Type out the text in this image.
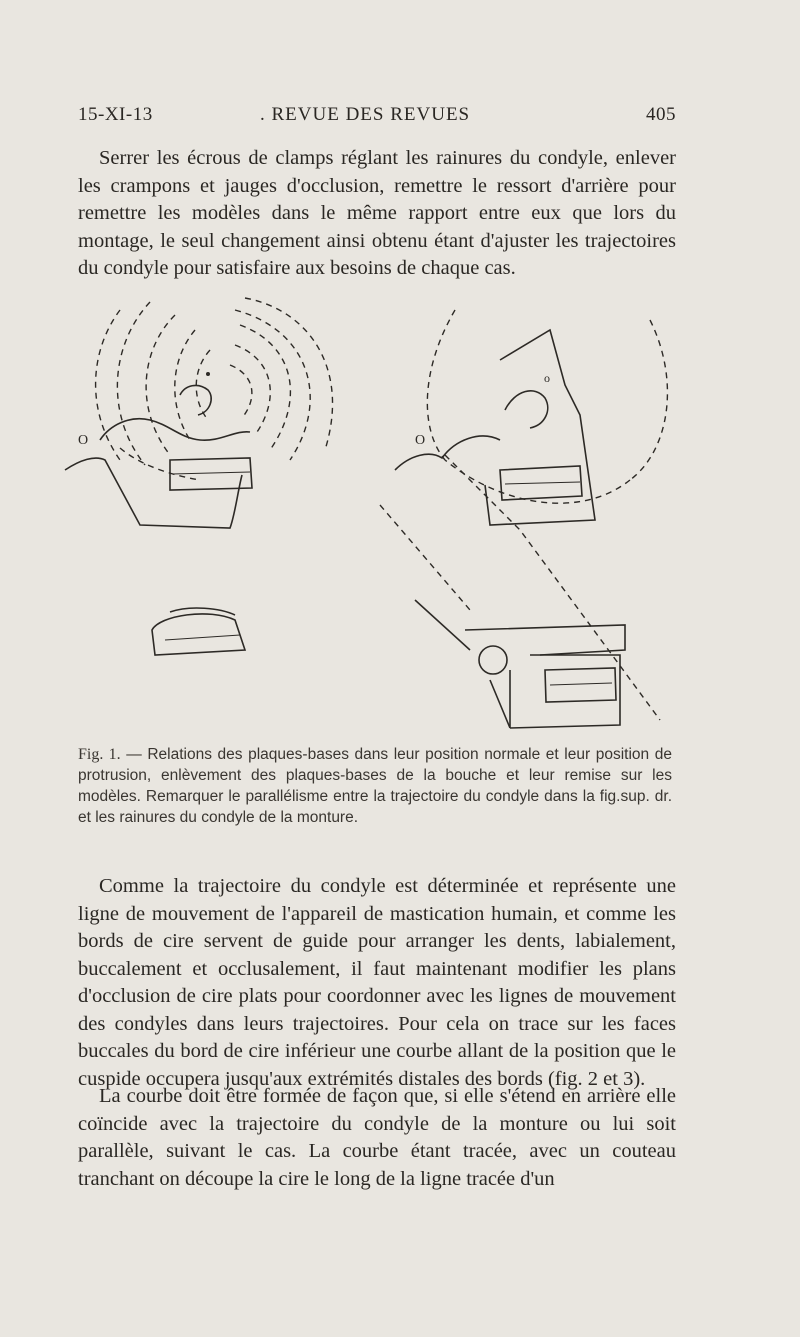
15-XI-13	. REVUE DES REVUES	405
Serrer les écrous de clamps réglant les rainures du condyle, enlever les crampons et jauges d'occlusion, remettre le ressort d'arrière pour remettre les modèles dans le même rapport entre eux que lors du montage, le seul changement ainsi obtenu étant d'ajuster les trajectoires du condyle pour satisfaire aux besoins de chaque cas.
O	O
o
Fig. 1. — Relations des plaques-bases dans leur position normale et leur position de protrusion, enlèvement des plaques-bases de la bouche et leur remise sur les modèles. Remarquer le parallélisme entre la trajectoire du condyle dans la fig.sup. dr. et les rainures du condyle de la monture.
Comme la trajectoire du condyle est déterminée et représente une ligne de mouvement de l'appareil de mastication humain, et comme les bords de cire servent de guide pour arranger les dents, labialement, buccalement et occlusalement, il faut maintenant modifier les plans d'occlusion de cire plats pour coordonner avec les lignes de mouvement des condyles dans leurs trajectoires. Pour cela on trace sur les faces buccales du bord de cire inférieur une courbe allant de la position que le cuspide occupera jusqu'aux extrémités distales des bords (fig. 2 et 3).
La courbe doit être formée de façon que, si elle s'étend en arrière elle coïncide avec la trajectoire du condyle de la monture ou lui soit parallèle, suivant le cas. La courbe étant tracée, avec un couteau tranchant on découpe la cire le long de la ligne tracée d'un
